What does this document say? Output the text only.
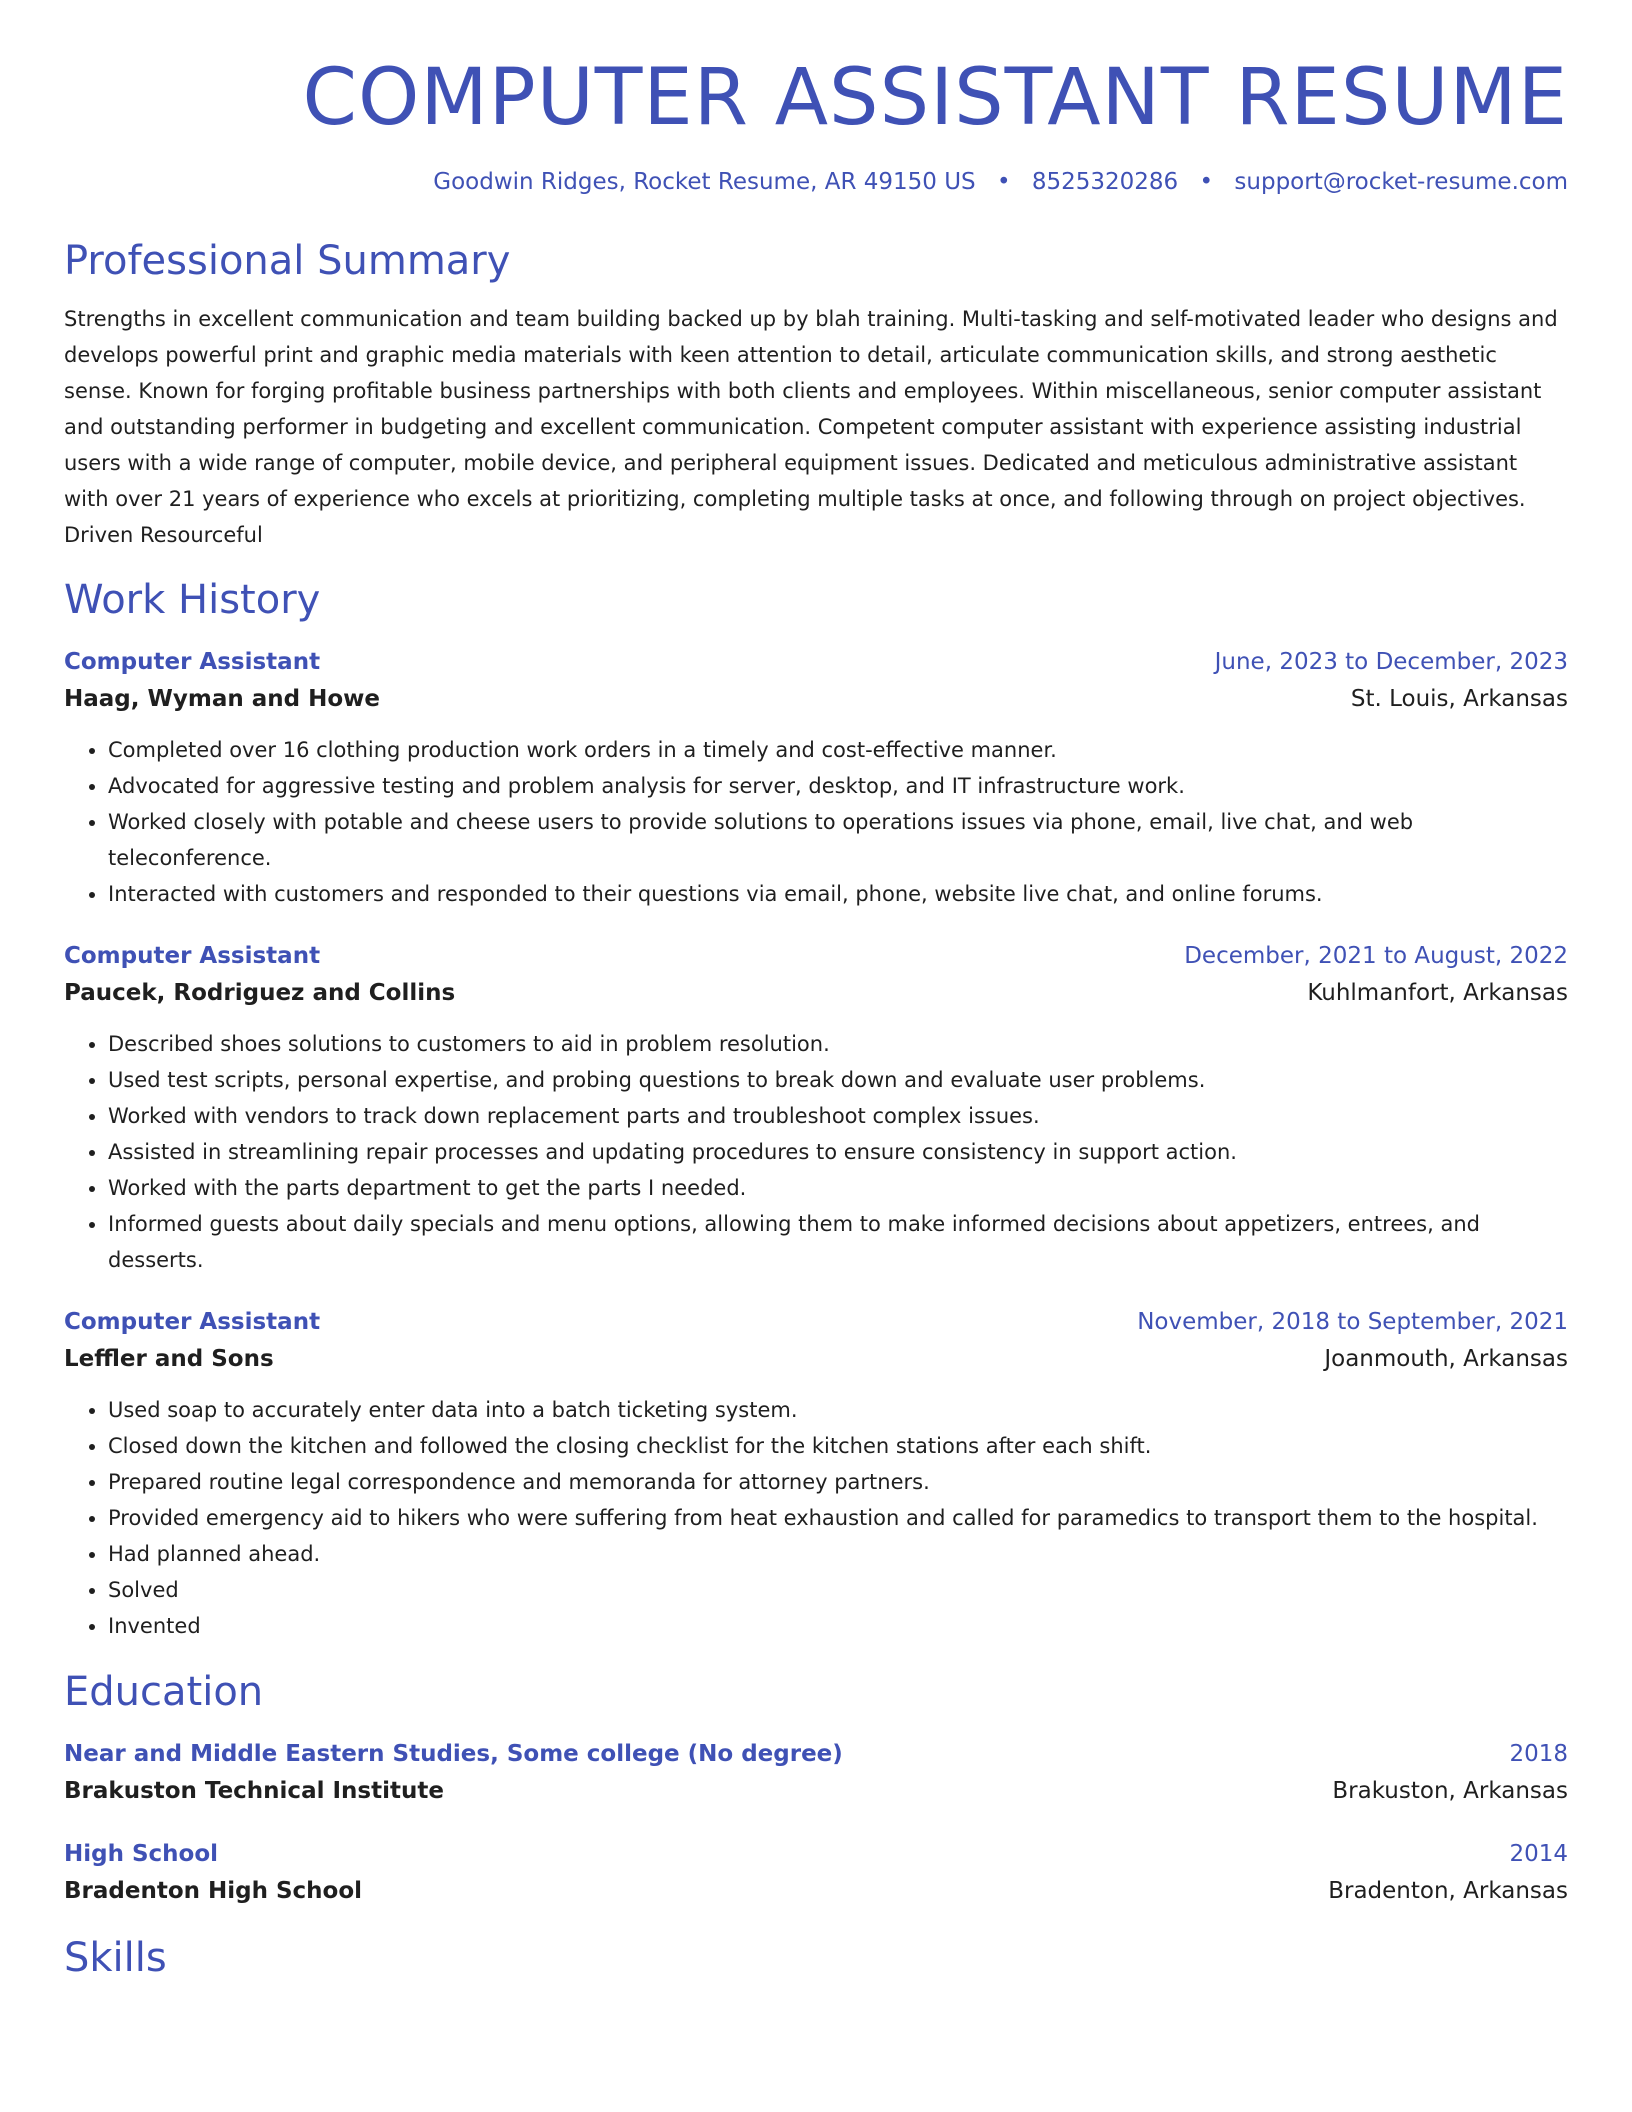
COMPUTER ASSISTANT RESUME
Goodwin Ridges, Rocket Resume, AR 49150 US • 8525320286 • support@rocket-resume.com
Professional Summary

Strengths in excellent communication and team building backed up by blah training. Multi-tasking and self-motivated leader who designs and develops powerful print and graphic media materials with keen attention to detail, articulate communication skills, and strong aesthetic sense. Known for forging profitable business partnerships with both clients and employees. Within miscellaneous, senior computer assistant and outstanding performer in budgeting and excellent communication. Competent computer assistant with experience assisting industrial users with a wide range of computer, mobile device, and peripheral equipment issues. Dedicated and meticulous administrative assistant with over 21 years of experience who excels at prioritizing, completing multiple tasks at once, and following through on project objectives. Driven Resourceful

Work History
Computer Assistant	June, 2023 to December, 2023
Haag, Wyman and Howe	St. Louis, Arkansas
• Completed over 16 clothing production work orders in a timely and cost-effective manner.
• Advocated for aggressive testing and problem analysis for server, desktop, and IT infrastructure work.
• Worked closely with potable and cheese users to provide solutions to operations issues via phone, email, live chat, and web teleconference.
• Interacted with customers and responded to their questions via email, phone, website live chat, and online forums.
Computer Assistant	December, 2021 to August, 2022
Paucek, Rodriguez and Collins	Kuhlmanfort, Arkansas
• Described shoes solutions to customers to aid in problem resolution.
• Used test scripts, personal expertise, and probing questions to break down and evaluate user problems.
• Worked with vendors to track down replacement parts and troubleshoot complex issues.
• Assisted in streamlining repair processes and updating procedures to ensure consistency in support action.
• Worked with the parts department to get the parts I needed.
• Informed guests about daily specials and menu options, allowing them to make informed decisions about appetizers, entrees, and desserts.
Computer Assistant	November, 2018 to September, 2021
Leffler and Sons	Joanmouth, Arkansas
• Used soap to accurately enter data into a batch ticketing system.
• Closed down the kitchen and followed the closing checklist for the kitchen stations after each shift.
• Prepared routine legal correspondence and memoranda for attorney partners.
• Provided emergency aid to hikers who were suffering from heat exhaustion and called for paramedics to transport them to the hospital.
• Had planned ahead.
• Solved
• Invented
Education
Near and Middle Eastern Studies, Some college (No degree)	2018
Brakuston Technical Institute	Brakuston, Arkansas
High School	2014
Bradenton High School	Bradenton, Arkansas
Skills
